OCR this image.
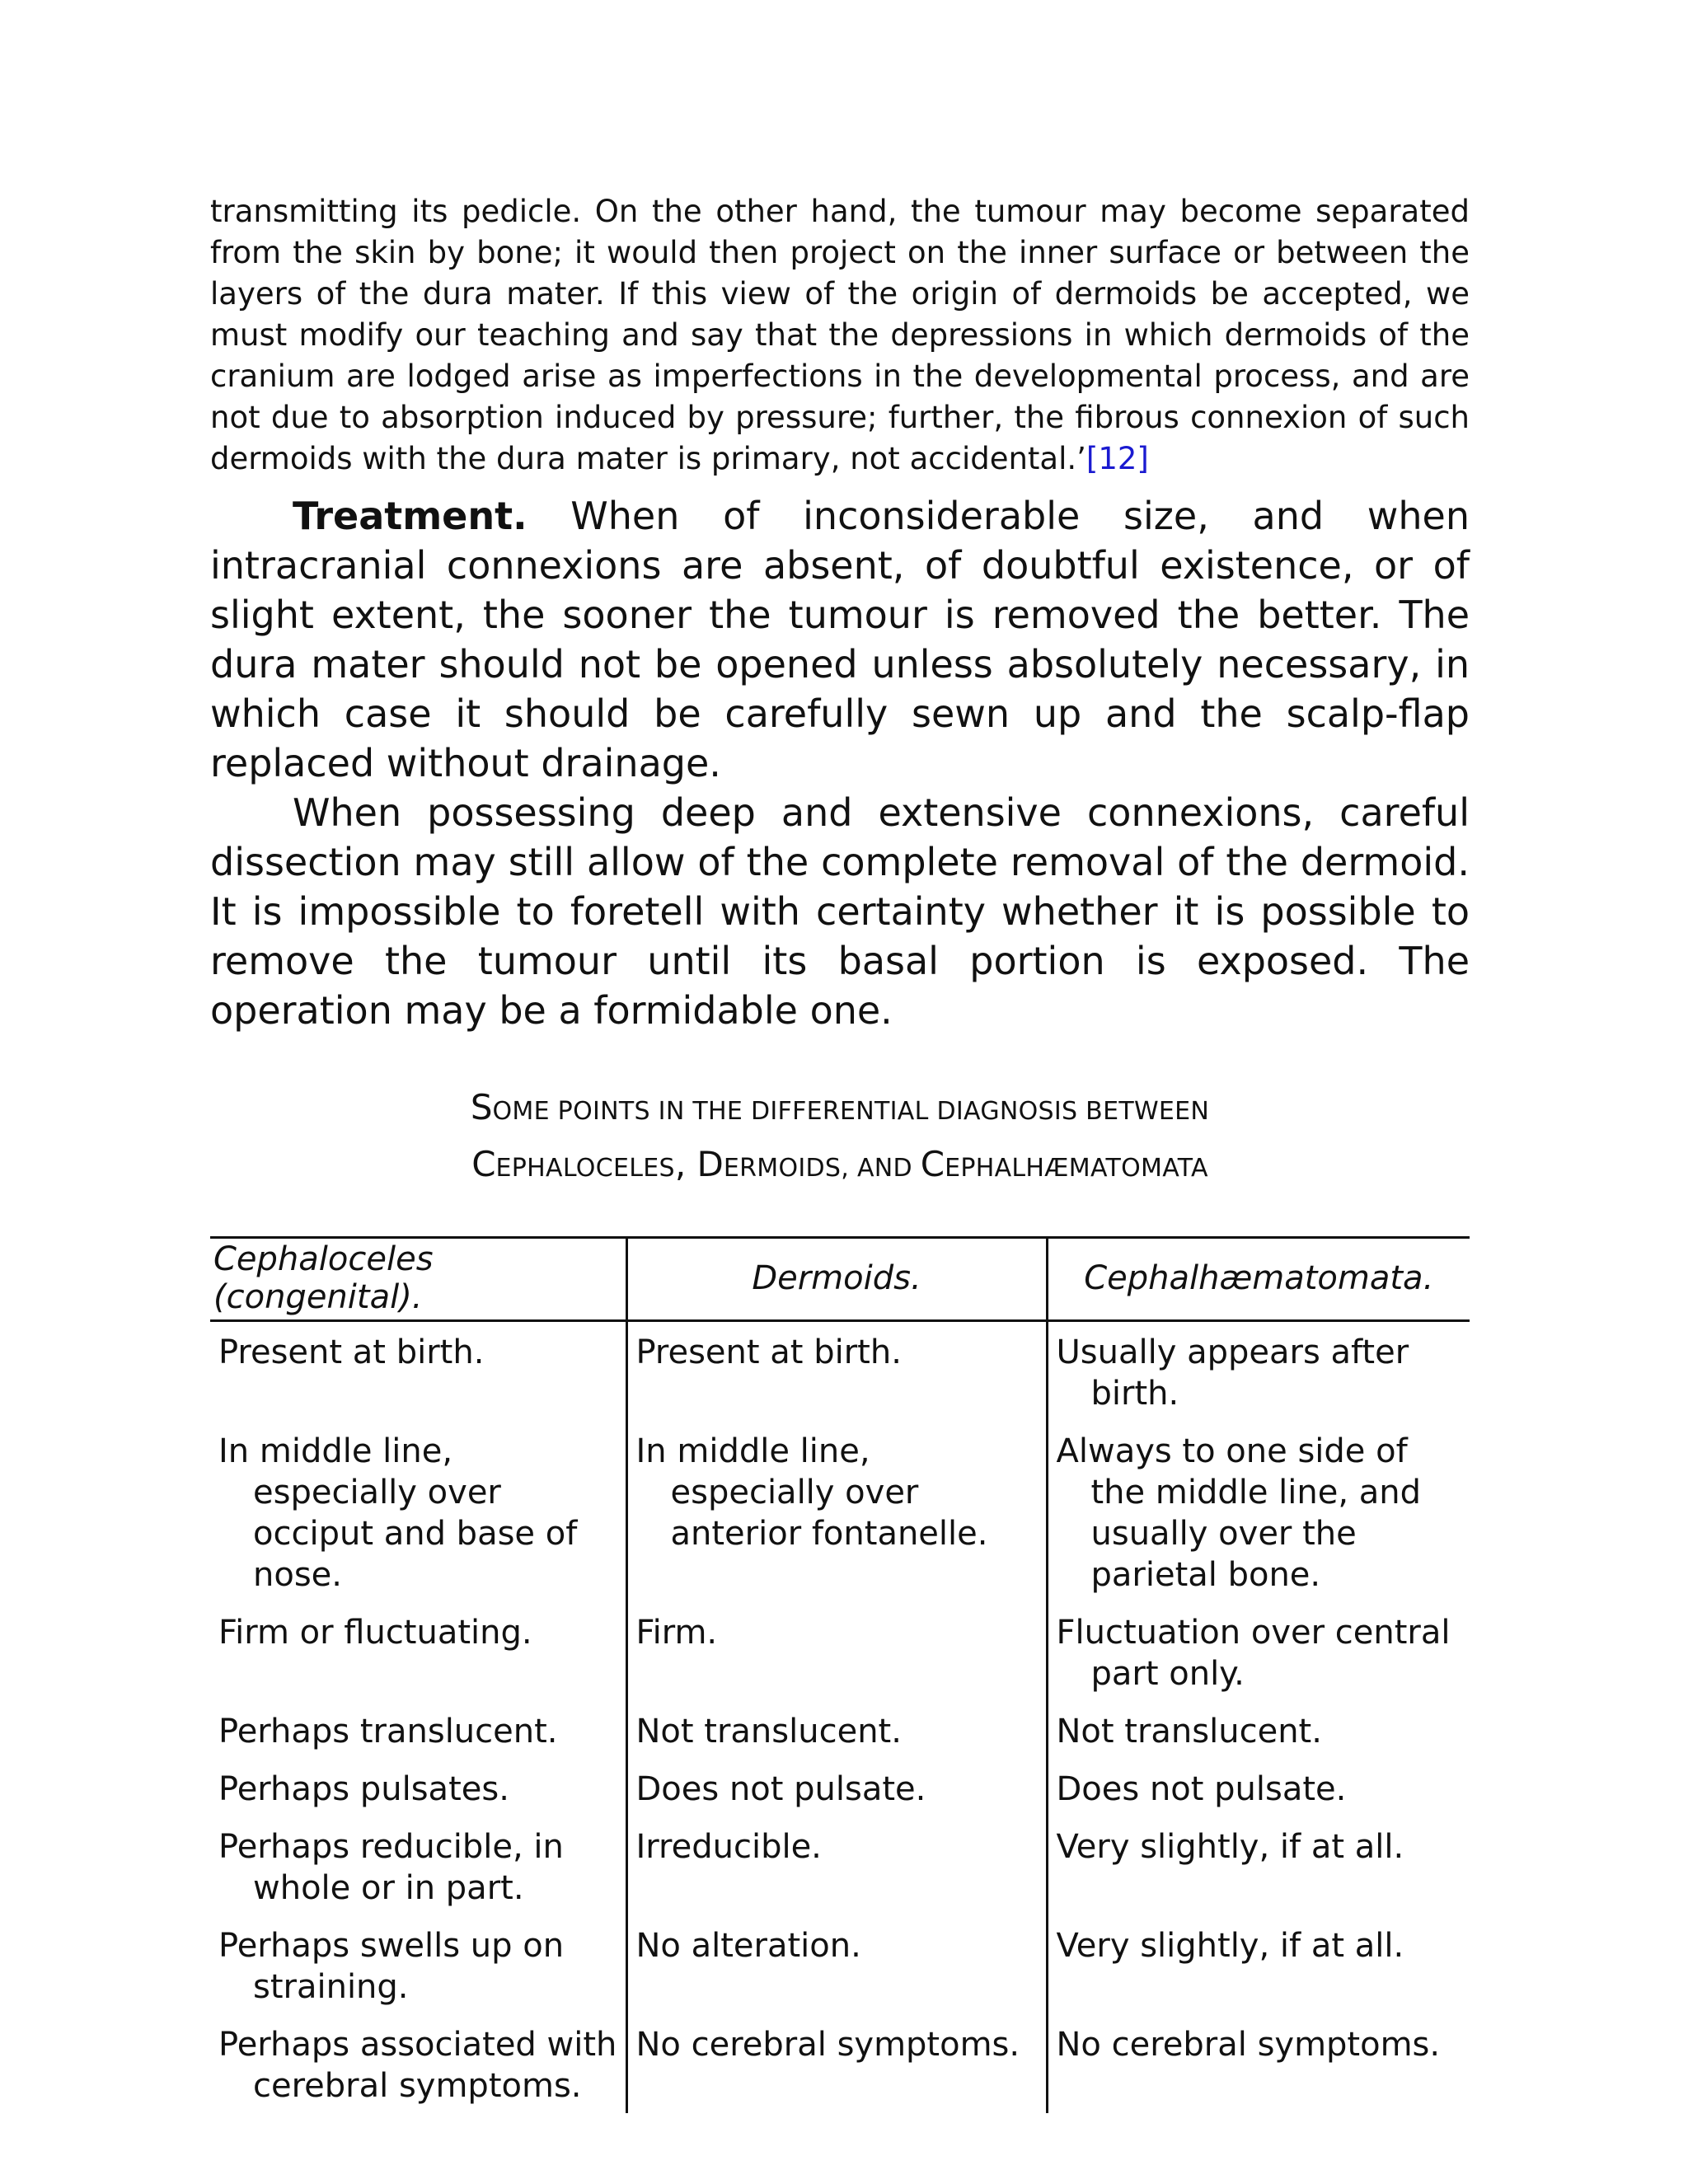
transmitting its pedicle. On the other hand, the tumour may become separated from the skin by bone; it would then project on the inner surface or between the layers of the dura mater. If this view of the origin of dermoids be accepted, we must modify our teaching and say that the depressions in which dermoids of the cranium are lodged arise as imperfections in the developmental process, and are not due to absorption induced by pressure; further, the fibrous connexion of such dermoids with the dura mater is primary, not accidental.’[12]

Treatment. When of inconsiderable size, and when intracranial connexions are absent, of doubtful existence, or of slight extent, the sooner the tumour is removed the better. The dura mater should not be opened unless absolutely necessary, in which case it should be carefully sewn up and the scalp-flap replaced without drainage.

When possessing deep and extensive connexions, careful dissection may still allow of the complete removal of the dermoid. It is impossible to foretell with certainty whether it is possible to remove the tumour until its basal portion is exposed. The operation may be a formidable one.

SOME POINTS IN THE DIFFERENTIAL DIAGNOSIS BETWEEN
CEPHALOCELES, DERMOIDS, AND CEPHALHÆMATOMATA
Cephaloceles (congenital).	Dermoids.	Cephalhæmatomata.

Present at birth.	Present at birth.	Usually appears after birth.

In middle line, especially over occiput and base of nose.	In middle line, especially over anterior fontanelle.	Always to one side of the middle line, and usually over the parietal bone.

Firm or fluctuating.	Firm.	Fluctuation over central part only.

Perhaps translucent.	Not translucent.	Not translucent.

Perhaps pulsates.	Does not pulsate.	Does not pulsate.

Perhaps reducible, in whole or in part.	Irreducible.	Very slightly, if at all.

Perhaps swells up on straining.	No alteration.	Very slightly, if at all.

Perhaps associated with cerebral symptoms.	No cerebral symptoms.	No cerebral symptoms.
